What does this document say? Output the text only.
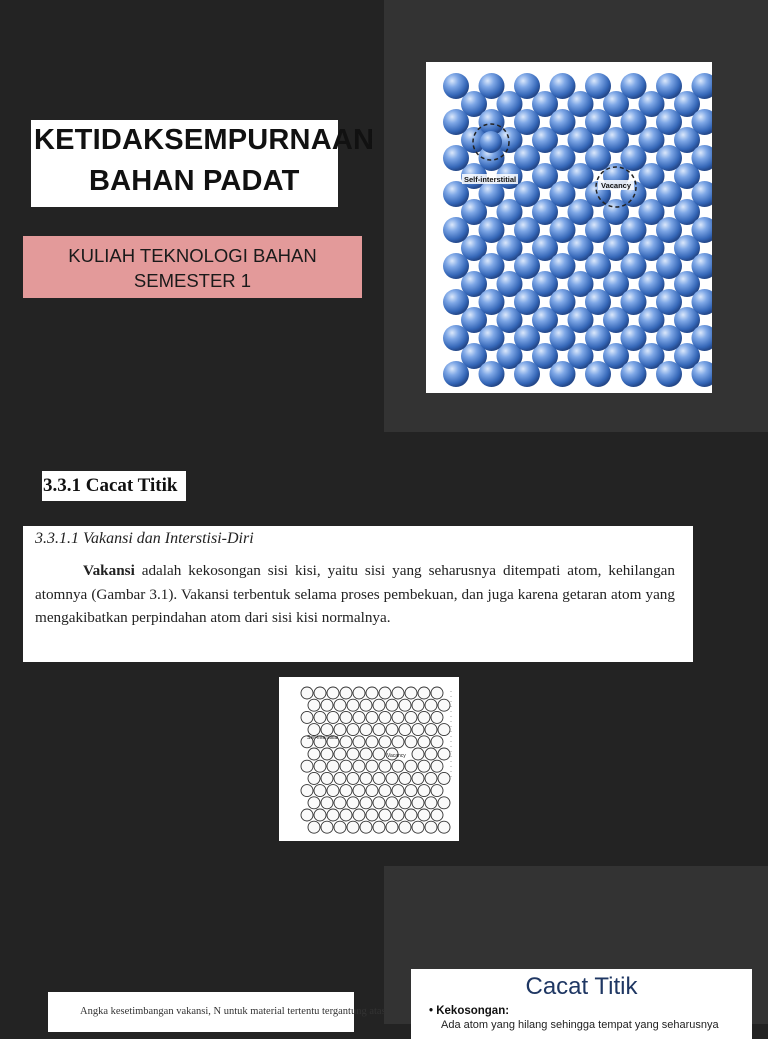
KETIDAKSEMPURNAAN
BAHAN PADAT
KULIAH TEKNOLOGI BAHAN
SEMESTER 1
Self-interstitial
Vacancy
3.3.1 Cacat Titik
3.3.1.1 Vakansi dan Interstisi-Diri
Vakansi adalah kekosongan sisi kisi, yaitu sisi yang seharusnya ditempati atom, kehilangan atomnya (Gambar 3.1). Vakansi terbentuk selama proses pembekuan, dan juga karena getaran atom yang mengakibatkan perpindahan atom dari sisi kisi normalnya.
Self-interstitial
Vacancy
Angka kesetimbangan vakansi, N untuk material tertentu tergantung atas
Cacat Titik
• Kekosongan:
Ada atom yang hilang sehingga tempat yang seharusnya
